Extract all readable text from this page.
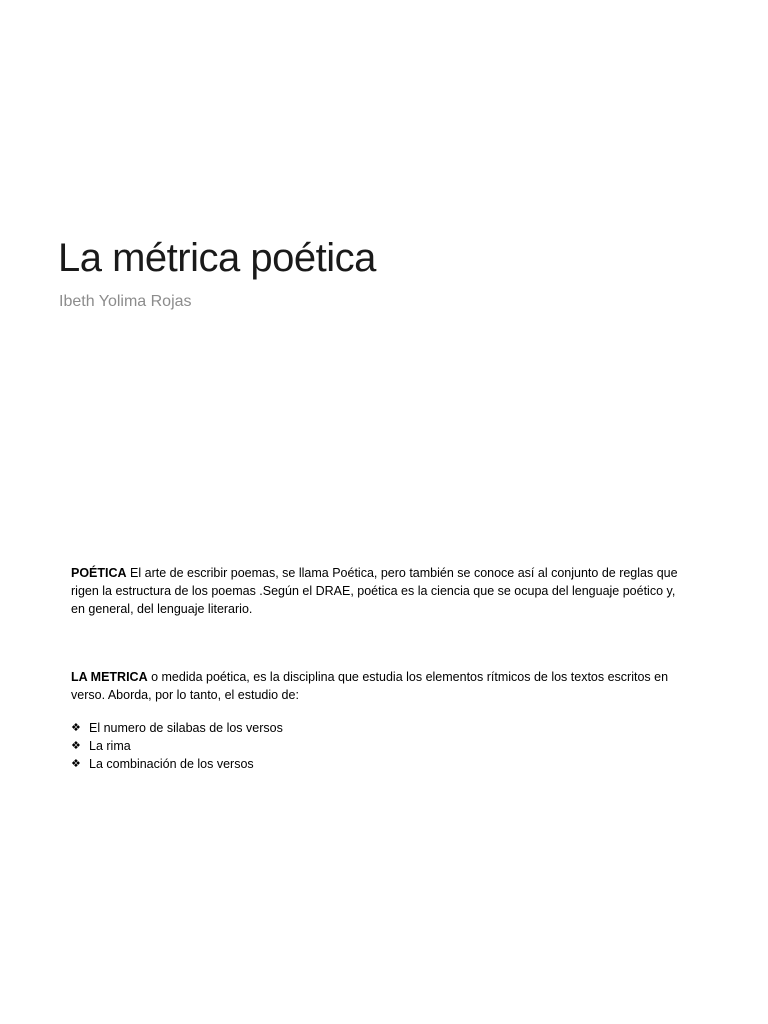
La métrica poética

Ibeth Yolima Rojas

POÉTICA El arte de escribir poemas, se llama Poética, pero también se conoce así al conjunto de reglas que rigen la estructura de los poemas .Según el DRAE, poética es la ciencia que se ocupa del lenguaje poético y, en general, del lenguaje literario.

LA METRICA o medida poética, es la disciplina que estudia los elementos rítmicos de los textos escritos en verso. Aborda, por lo tanto, el estudio de:

❖ El numero de silabas de los versos
❖ La rima
❖ La combinación de los versos
